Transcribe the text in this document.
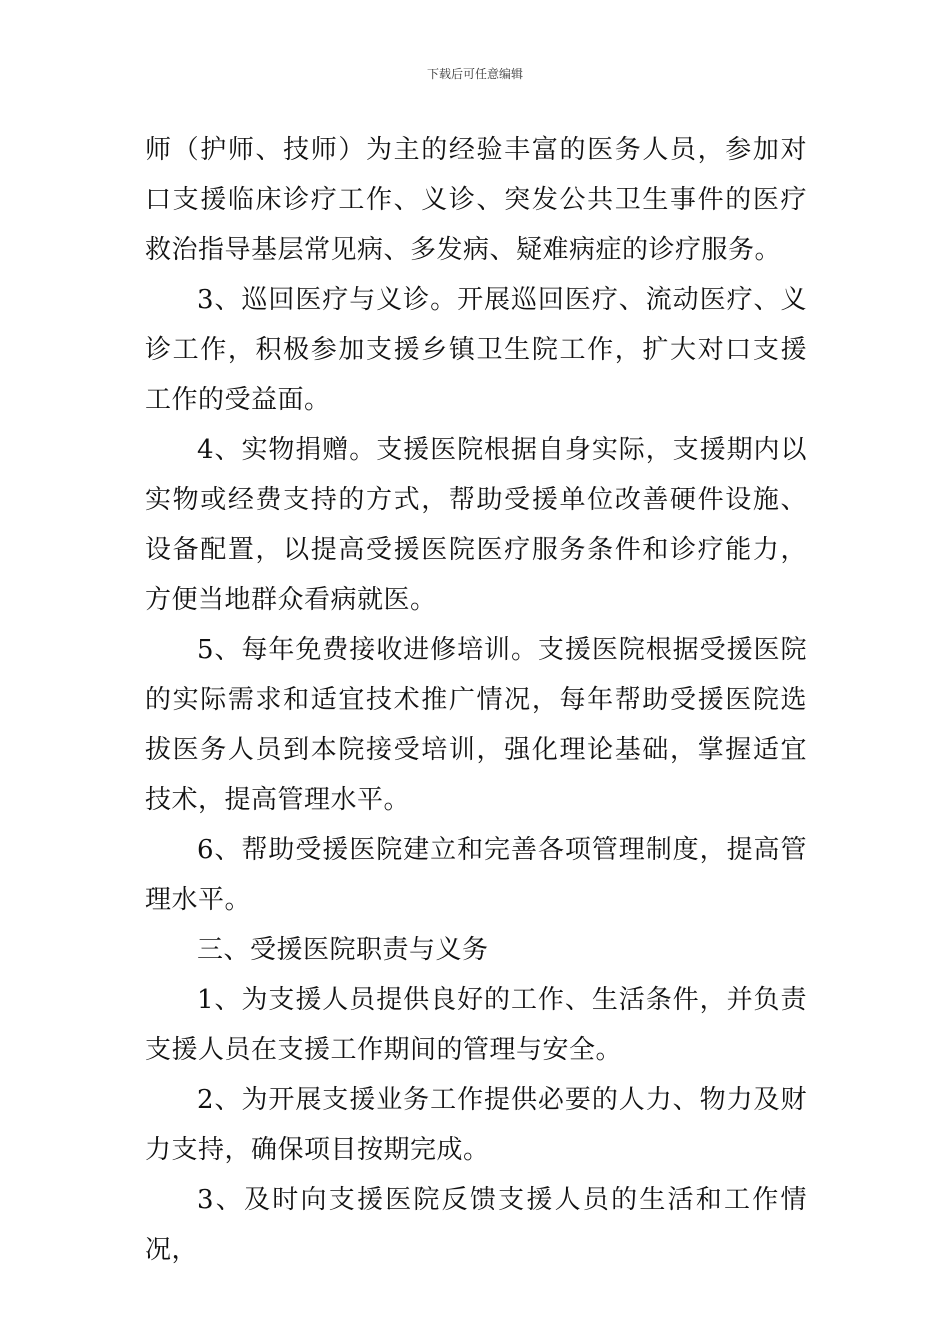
下载后可任意编辑

师（护师、技师）为主的经验丰富的医务人员，参加对口支援临床诊疗工作、义诊、突发公共卫生事件的医疗救治指导基层常见病、多发病、疑难病症的诊疗服务。

3、巡回医疗与义诊。开展巡回医疗、流动医疗、义诊工作，积极参加支援乡镇卫生院工作，扩大对口支援工作的受益面。

4、实物捐赠。支援医院根据自身实际，支援期内以实物或经费支持的方式，帮助受援单位改善硬件设施、设备配置，以提高受援医院医疗服务条件和诊疗能力，方便当地群众看病就医。

5、每年免费接收进修培训。支援医院根据受援医院的实际需求和适宜技术推广情况，每年帮助受援医院选拔医务人员到本院接受培训，强化理论基础，掌握适宜技术，提高管理水平。

6、帮助受援医院建立和完善各项管理制度，提高管理水平。

三、受援医院职责与义务

1、为支援人员提供良好的工作、生活条件，并负责支援人员在支援工作期间的管理与安全。

2、为开展支援业务工作提供必要的人力、物力及财力支持，确保项目按期完成。

3、及时向支援医院反馈支援人员的生活和工作情况，
